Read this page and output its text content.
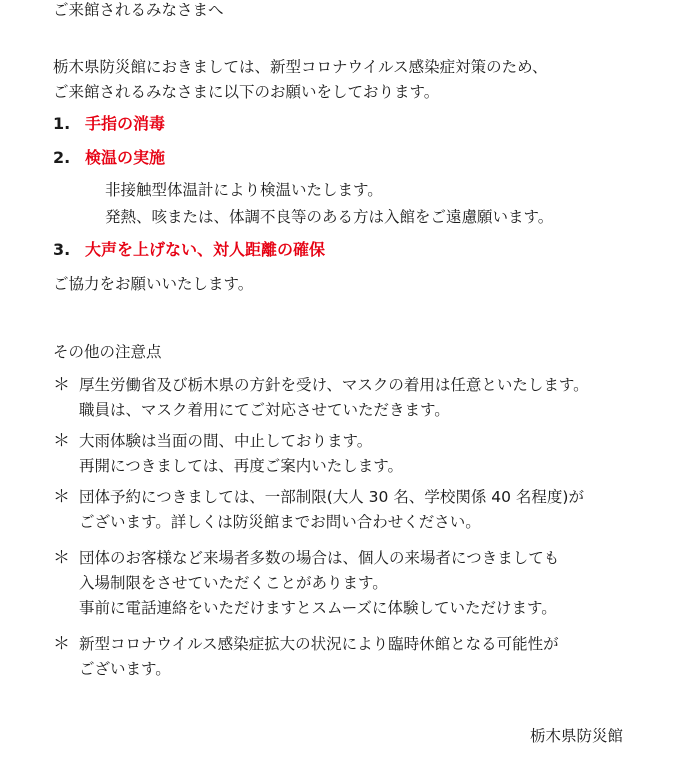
ご来館されるみなさまへ
栃木県防災館におきましては、新型コロナウイルス感染症対策のため、
ご来館されるみなさまに以下のお願いをしております。
1. 手指の消毒
2. 検温の実施
非接触型体温計により検温いたします。
発熱、咳または、体調不良等のある方は入館をご遠慮願います。
3. 大声を上げない、対人距離の確保
ご協力をお願いいたします。
その他の注意点
＊ 厚生労働省及び栃木県の方針を受け、マスクの着用は任意といたします。
職員は、マスク着用にてご対応させていただきます。
＊ 大雨体験は当面の間、中止しております。
再開につきましては、再度ご案内いたします。
＊ 団体予約につきましては、一部制限(大人 30 名、学校関係 40 名程度)が
ございます。詳しくは防災館までお問い合わせください。
＊ 団体のお客様など来場者多数の場合は、個人の来場者につきましても
入場制限をさせていただくことがあります。
事前に電話連絡をいただけますとスムーズに体験していただけます。
＊ 新型コロナウイルス感染症拡大の状況により臨時休館となる可能性が
ございます。
栃木県防災館
